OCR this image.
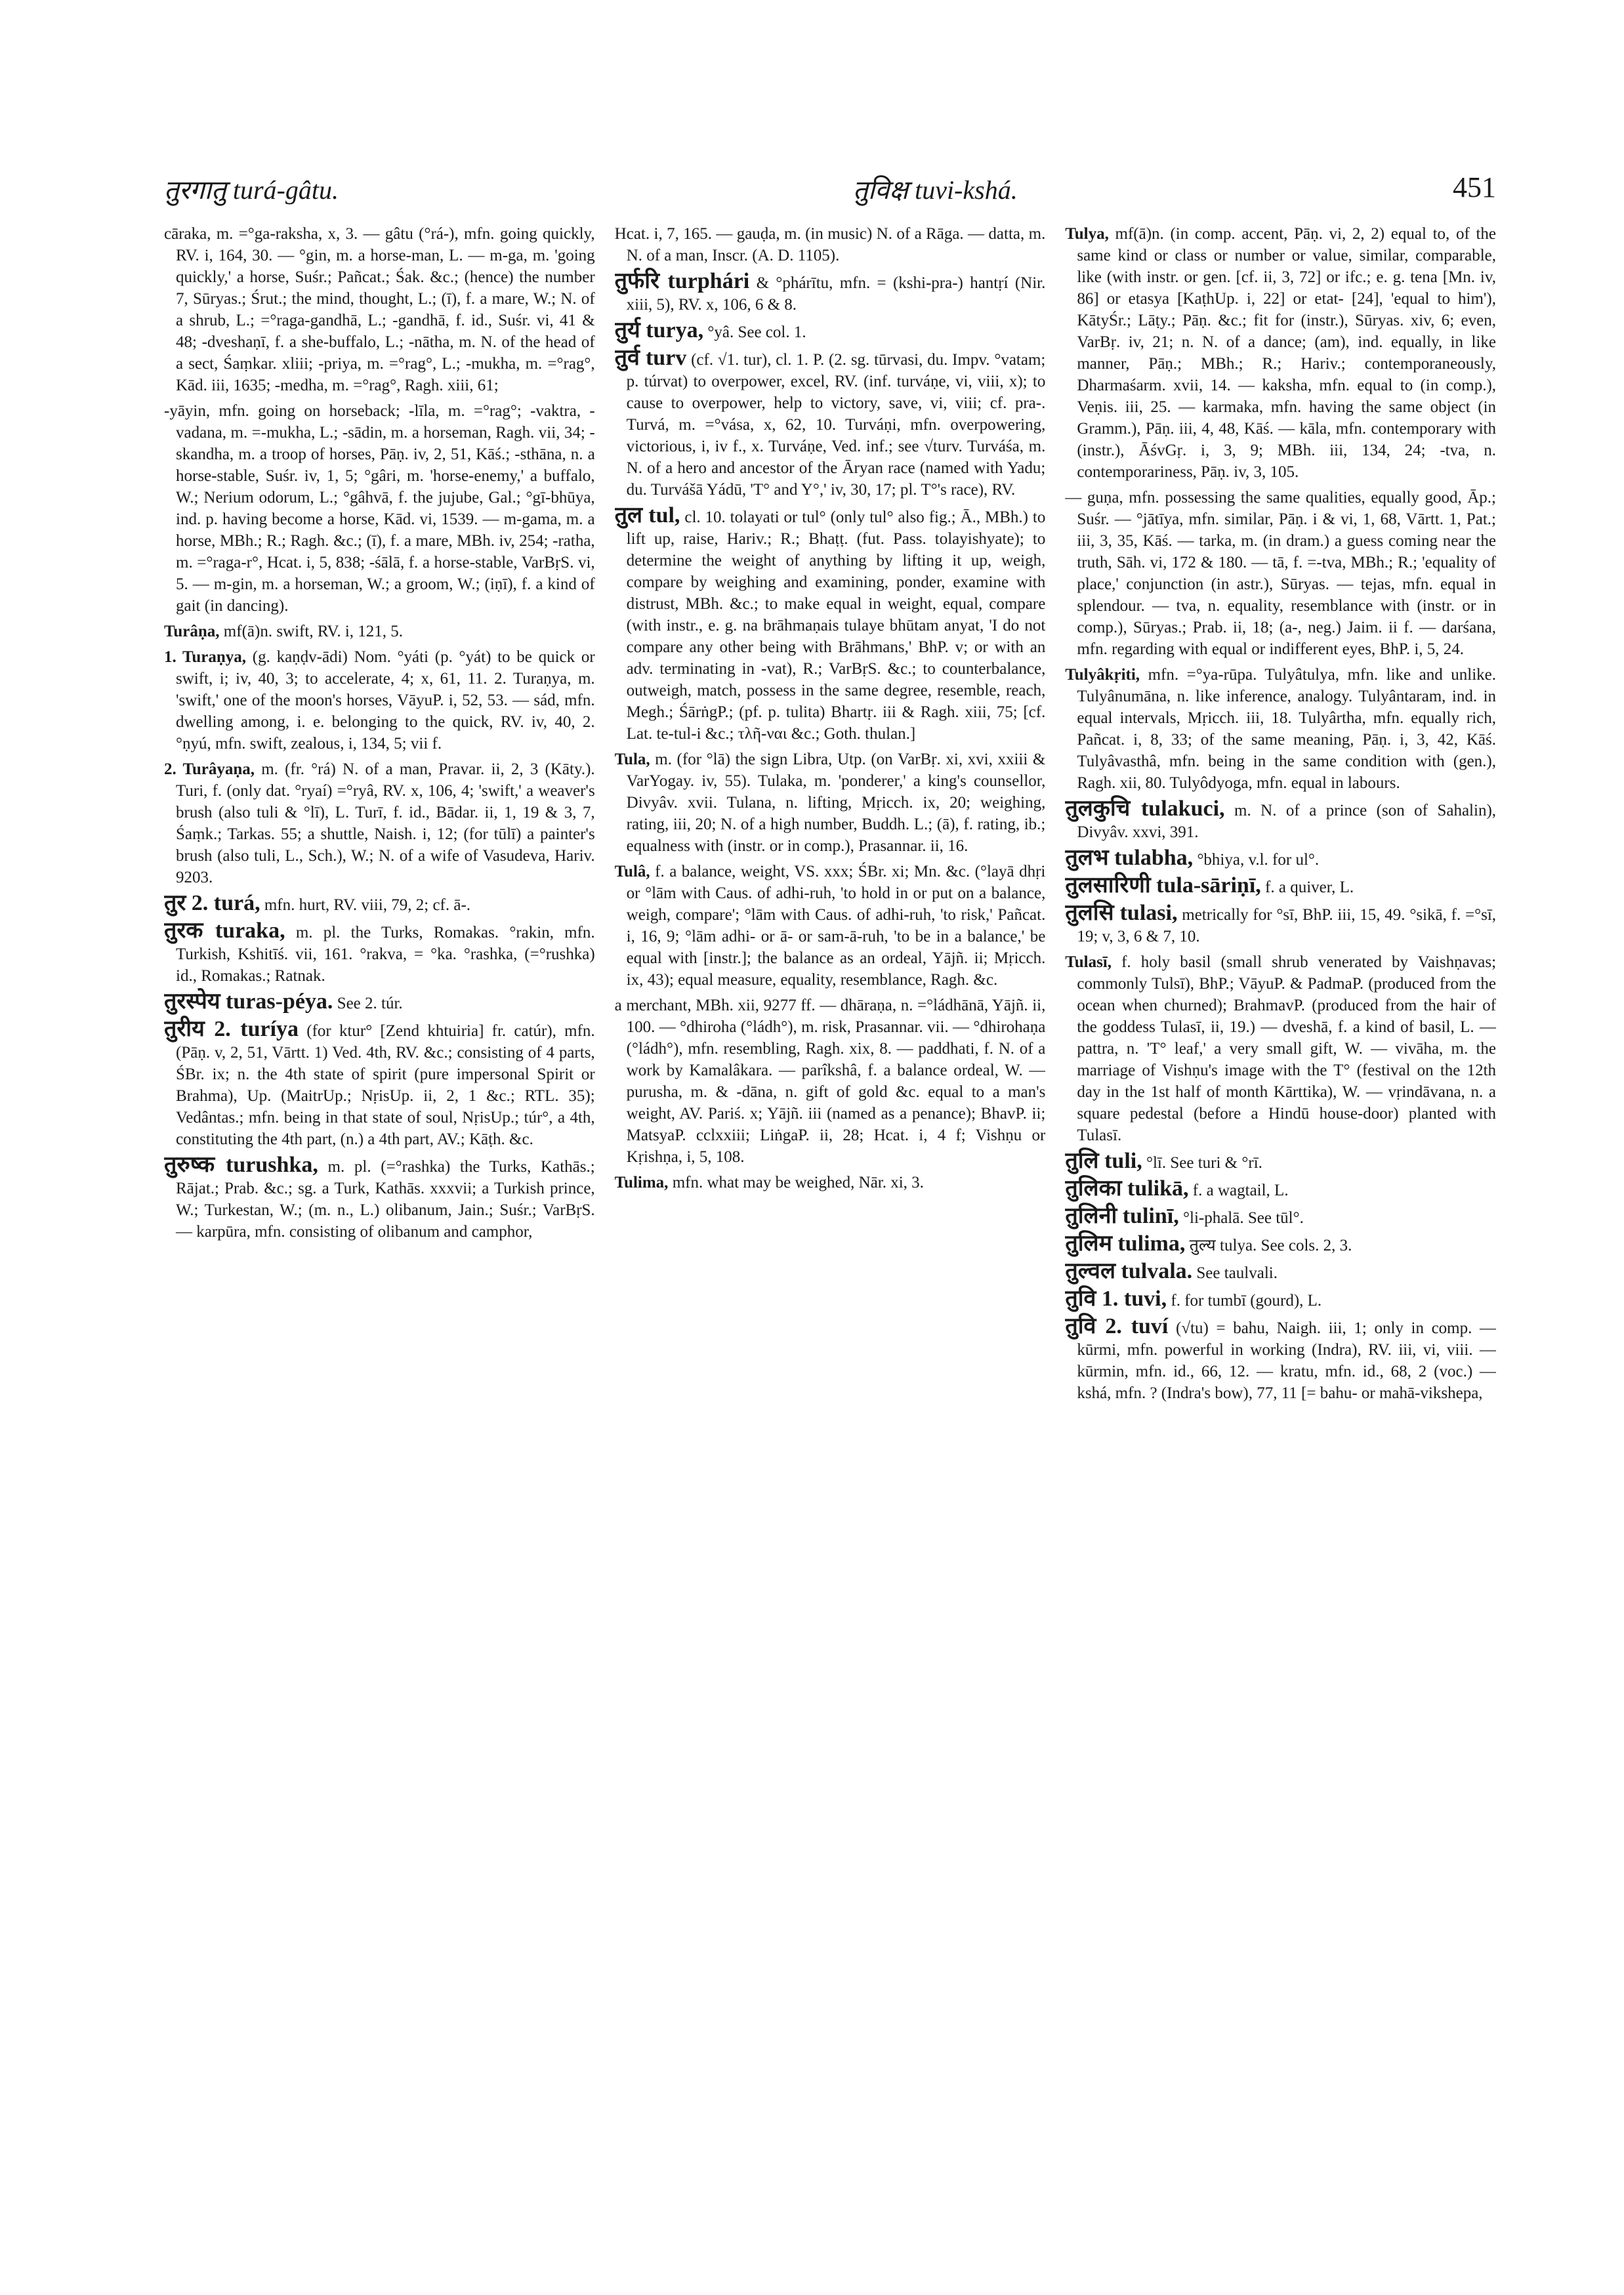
तुरगातु turá-gâtu.	तुविक्ष tuvi-kshá.	451

cāraka, m. =°ga-raksha, x, 3. — gâtu (°rá-), mfn. going quickly, RV. i, 164, 30. — °gin, m. a horse-man, L. — m-ga, m. 'going quickly,' a horse, Suśr.; Pañcat.; Śak. &c.; (hence) the number 7, Sūryas.; Śrut.; the mind, thought, L.; (ī), f. a mare, W.; N. of a shrub, L.; =°raga-gandhā, L.; -gandhā, f. id., Suśr. vi, 41 & 48; -dveshaṇī, f. a she-buffalo, L.; -nātha, m. N. of the head of a sect, Śaṃkar. xliii; -priya, m. =°rag°, L.; -mukha, m. =°rag°, Kād. iii, 1635; -medha, m. =°rag°, Ragh. xiii, 61;

-yāyin, mfn. going on horseback; -līla, m. =°rag°; -vaktra, -vadana, m. =-mukha, L.; -sādin, m. a horseman, Ragh. vii, 34; -skandha, m. a troop of horses, Pāṇ. iv, 2, 51, Kāś.; -sthāna, n. a horse-stable, Suśr. iv, 1, 5; °gâri, m. 'horse-enemy,' a buffalo, W.; Nerium odorum, L.; °gâhvā, f. the jujube, Gal.; °gī-bhūya, ind. p. having become a horse, Kād. vi, 1539. — m-gama, m. a horse, MBh.; R.; Ragh. &c.; (ī), f. a mare, MBh. iv, 254; -ratha, m. =°raga-r°, Hcat. i, 5, 838; -śālā, f. a horse-stable, VarBṛS. vi, 5. — m-gin, m. a horseman, W.; a groom, W.; (iṇī), f. a kind of gait (in dancing).

Turâṇa, mf(ā)n. swift, RV. i, 121, 5.

1. Turaṇya, (g. kaṇḍv-ādi) Nom. °yáti (p. °yát) to be quick or swift, i; iv, 40, 3; to accelerate, 4; x, 61, 11. 2. Turaṇya, m. 'swift,' one of the moon's horses, VāyuP. i, 52, 53. — sád, mfn. dwelling among, i. e. belonging to the quick, RV. iv, 40, 2. °ṇyú, mfn. swift, zealous, i, 134, 5; vii f.

2. Turâyaṇa, m. (fr. °rá) N. of a man, Pravar. ii, 2, 3 (Kāty.). Turi, f. (only dat. °ryaí) =°ryâ, RV. x, 106, 4; 'swift,' a weaver's brush (also tuli & °lī), L. Turī, f. id., Bādar. ii, 1, 19 & 3, 7, Śaṃk.; Tarkas. 55; a shuttle, Naish. i, 12; (for tūlī) a painter's brush (also tuli, L., Sch.), W.; N. of a wife of Vasudeva, Hariv. 9203.

तुर 2. turá, mfn. hurt, RV. viii, 79, 2; cf. ā-.

तुरक turaka, m. pl. the Turks, Romakas. °rakin, mfn. Turkish, Kshitīś. vii, 161. °rakva, = °ka. °rashka, (=°rushka) id., Romakas.; Ratnak.

तुरस्पेय turas-péya. See 2. túr.

तुरीय 2. turíya (for ktur° [Zend khtuiria] fr. catúr), mfn. (Pāṇ. v, 2, 51, Vārtt. 1) Ved. 4th, RV. &c.; consisting of 4 parts, ŚBr. ix; n. the 4th state of spirit (pure impersonal Spirit or Brahma), Up. (MaitrUp.; NṛisUp. ii, 2, 1 &c.; RTL. 35); Vedântas.; mfn. being in that state of soul, NṛisUp.; túr°, a 4th, constituting the 4th part, (n.) a 4th part, AV.; Kāṭh. &c.

तुरुष्क turushka, m. pl. (=°rashka) the Turks, Kathās.; Rājat.; Prab. &c.; sg. a Turk, Kathās. xxxvii; a Turkish prince, W.; Turkestan, W.; (m. n., L.) olibanum, Jain.; Suśr.; VarBṛS. — karpūra, mfn. consisting of olibanum and camphor,

Hcat. i, 7, 165. — gauḍa, m. (in music) N. of a Rāga. — datta, m. N. of a man, Inscr. (A. D. 1105).

तुर्फरि turphári & °phárītu, mfn. = (kshi-pra-) hantṛí (Nir. xiii, 5), RV. x, 106, 6 & 8.

तुर्य turya, °yâ. See col. 1.

तुर्व turv (cf. √1. tur), cl. 1. P. (2. sg. tūrvasi, du. Impv. °vatam; p. túrvat) to overpower, excel, RV. (inf. turváṇe, vi, viii, x); to cause to overpower, help to victory, save, vi, viii; cf. pra-. Turvá, m. =°vása, x, 62, 10. Turváṇi, mfn. overpowering, victorious, i, iv f., x. Turváṇe, Ved. inf.; see √turv. Turváśa, m. N. of a hero and ancestor of the Āryan race (named with Yadu; du. Turvášā Yádū, 'T° and Y°,' iv, 30, 17; pl. T°'s race), RV.

तुल tul, cl. 10. tolayati or tul° (only tul° also fig.; Ā., MBh.) to lift up, raise, Hariv.; R.; Bhaṭṭ. (fut. Pass. tolayishyate); to determine the weight of anything by lifting it up, weigh, compare by weighing and examining, ponder, examine with distrust, MBh. &c.; to make equal in weight, equal, compare (with instr., e. g. na brāhmaṇais tulaye bhūtam anyat, 'I do not compare any other being with Brāhmans,' BhP. v; or with an adv. terminating in -vat), R.; VarBṛS. &c.; to counterbalance, outweigh, match, possess in the same degree, resemble, reach, Megh.; ŚārṅgP.; (pf. p. tulita) Bhartṛ. iii & Ragh. xiii, 75; [cf. Lat. te-tul-i &c.; τλῆ-ναι &c.; Goth. thulan.]

Tula, m. (for °lā) the sign Libra, Utp. (on VarBṛ. xi, xvi, xxiii & VarYogay. iv, 55). Tulaka, m. 'ponderer,' a king's counsellor, Divyâv. xvii. Tulana, n. lifting, Mṛicch. ix, 20; weighing, rating, iii, 20; N. of a high number, Buddh. L.; (ā), f. rating, ib.; equalness with (instr. or in comp.), Prasannar. ii, 16.

Tulâ, f. a balance, weight, VS. xxx; ŚBr. xi; Mn. &c. (°layā dhṛi or °lām with Caus. of adhi-ruh, 'to hold in or put on a balance, weigh, compare'; °lām with Caus. of adhi-ruh, 'to risk,' Pañcat. i, 16, 9; °lām adhi- or ā- or sam-ā-ruh, 'to be in a balance,' be equal with [instr.]; the balance as an ordeal, Yājñ. ii; Mṛicch. ix, 43); equal measure, equality, resemblance, Ragh. &c.

a merchant, MBh. xii, 9277 ff. — dhāraṇa, n. =°ládhānā, Yājñ. ii, 100. — °dhiroha (°ládh°), m. risk, Prasannar. vii. — °dhirohaṇa (°ládh°), mfn. resembling, Ragh. xix, 8. — paddhati, f. N. of a work by Kamalâkara. — parîkshâ, f. a balance ordeal, W. — purusha, m. & -dāna, n. gift of gold &c. equal to a man's weight, AV. Pariś. x; Yājñ. iii (named as a penance); BhavP. ii; MatsyaP. cclxxiii; LiṅgaP. ii, 28; Hcat. i, 4 f; Vishṇu or Kṛishṇa, i, 5, 108.

Tulima, mfn. what may be weighed, Nār. xi, 3.

Tulya, mf(ā)n. (in comp. accent, Pāṇ. vi, 2, 2) equal to, of the same kind or class or number or value, similar, comparable, like (with instr. or gen. [cf. ii, 3, 72] or ifc.; e. g. tena [Mn. iv, 86] or etasya [KaṭhUp. i, 22] or etat- [24], 'equal to him'), KātyŚr.; Lāṭy.; Pāṇ. &c.; fit for (instr.), Sūryas. xiv, 6; even, VarBṛ. iv, 21; n. N. of a dance; (am), ind. equally, in like manner, Pāṇ.; MBh.; R.; Hariv.; contemporaneously, Dharmaśarm. xvii, 14. — kaksha, mfn. equal to (in comp.), Veṇis. iii, 25. — karmaka, mfn. having the same object (in Gramm.), Pāṇ. iii, 4, 48, Kāś. — kāla, mfn. contemporary with (instr.), ĀśvGṛ. i, 3, 9; MBh. iii, 134, 24; -tva, n. contemporariness, Pāṇ. iv, 3, 105.

— guṇa, mfn. possessing the same qualities, equally good, Āp.; Suśr. — °jātīya, mfn. similar, Pāṇ. i & vi, 1, 68, Vārtt. 1, Pat.; iii, 3, 35, Kāś. — tarka, m. (in dram.) a guess coming near the truth, Sāh. vi, 172 & 180. — tā, f. =-tva, MBh.; R.; 'equality of place,' conjunction (in astr.), Sūryas. — tejas, mfn. equal in splendour. — tva, n. equality, resemblance with (instr. or in comp.), Sūryas.; Prab. ii, 18; (a-, neg.) Jaim. ii f. — darśana, mfn. regarding with equal or indifferent eyes, BhP. i, 5, 24.

Tulyâkṛiti, mfn. =°ya-rūpa. Tulyâtulya, mfn. like and unlike. Tulyânumāna, n. like inference, analogy. Tulyântaram, ind. in equal intervals, Mṛicch. iii, 18. Tulyârtha, mfn. equally rich, Pañcat. i, 8, 33; of the same meaning, Pāṇ. i, 3, 42, Kāś. Tulyâvasthâ, mfn. being in the same condition with (gen.), Ragh. xii, 80. Tulyôdyoga, mfn. equal in labours.

तुलकुचि tulakuci, m. N. of a prince (son of Sahalin), Divyâv. xxvi, 391.

तुलभ tulabha, °bhiya, v.l. for ul°.

तुलसारिणी tula-sāriṇī, f. a quiver, L.

तुलसि tulasi, metrically for °sī, BhP. iii, 15, 49. °sikā, f. =°sī, 19; v, 3, 6 & 7, 10.

Tulasī, f. holy basil (small shrub venerated by Vaishṇavas; commonly Tulsī), BhP.; VāyuP. & PadmaP. (produced from the ocean when churned); BrahmavP. (produced from the hair of the goddess Tulasī, ii, 19.) — dveshā, f. a kind of basil, L. — pattra, n. 'T° leaf,' a very small gift, W. — vivāha, m. the marriage of Vishṇu's image with the T° (festival on the 12th day in the 1st half of month Kārttika), W. — vṛindāvana, n. a square pedestal (before a Hindū house-door) planted with Tulasī.

तुलि tuli, °lī. See turi & °rī.

तुलिका tulikā, f. a wagtail, L.

तुलिनी tulinī, °li-phalā. See tūl°.

तुलिम tulima, तुल्य tulya. See cols. 2, 3.

तुल्वल tulvala. See taulvali.

तुवि 1. tuvi, f. for tumbī (gourd), L.

तुवि 2. tuví (√tu) = bahu, Naigh. iii, 1; only in comp. — kūrmi, mfn. powerful in working (Indra), RV. iii, vi, viii. — kūrmin, mfn. id., 66, 12. — kratu, mfn. id., 68, 2 (voc.) — kshá, mfn. ? (Indra's bow), 77, 11 [= bahu- or mahā-vikshepa,
